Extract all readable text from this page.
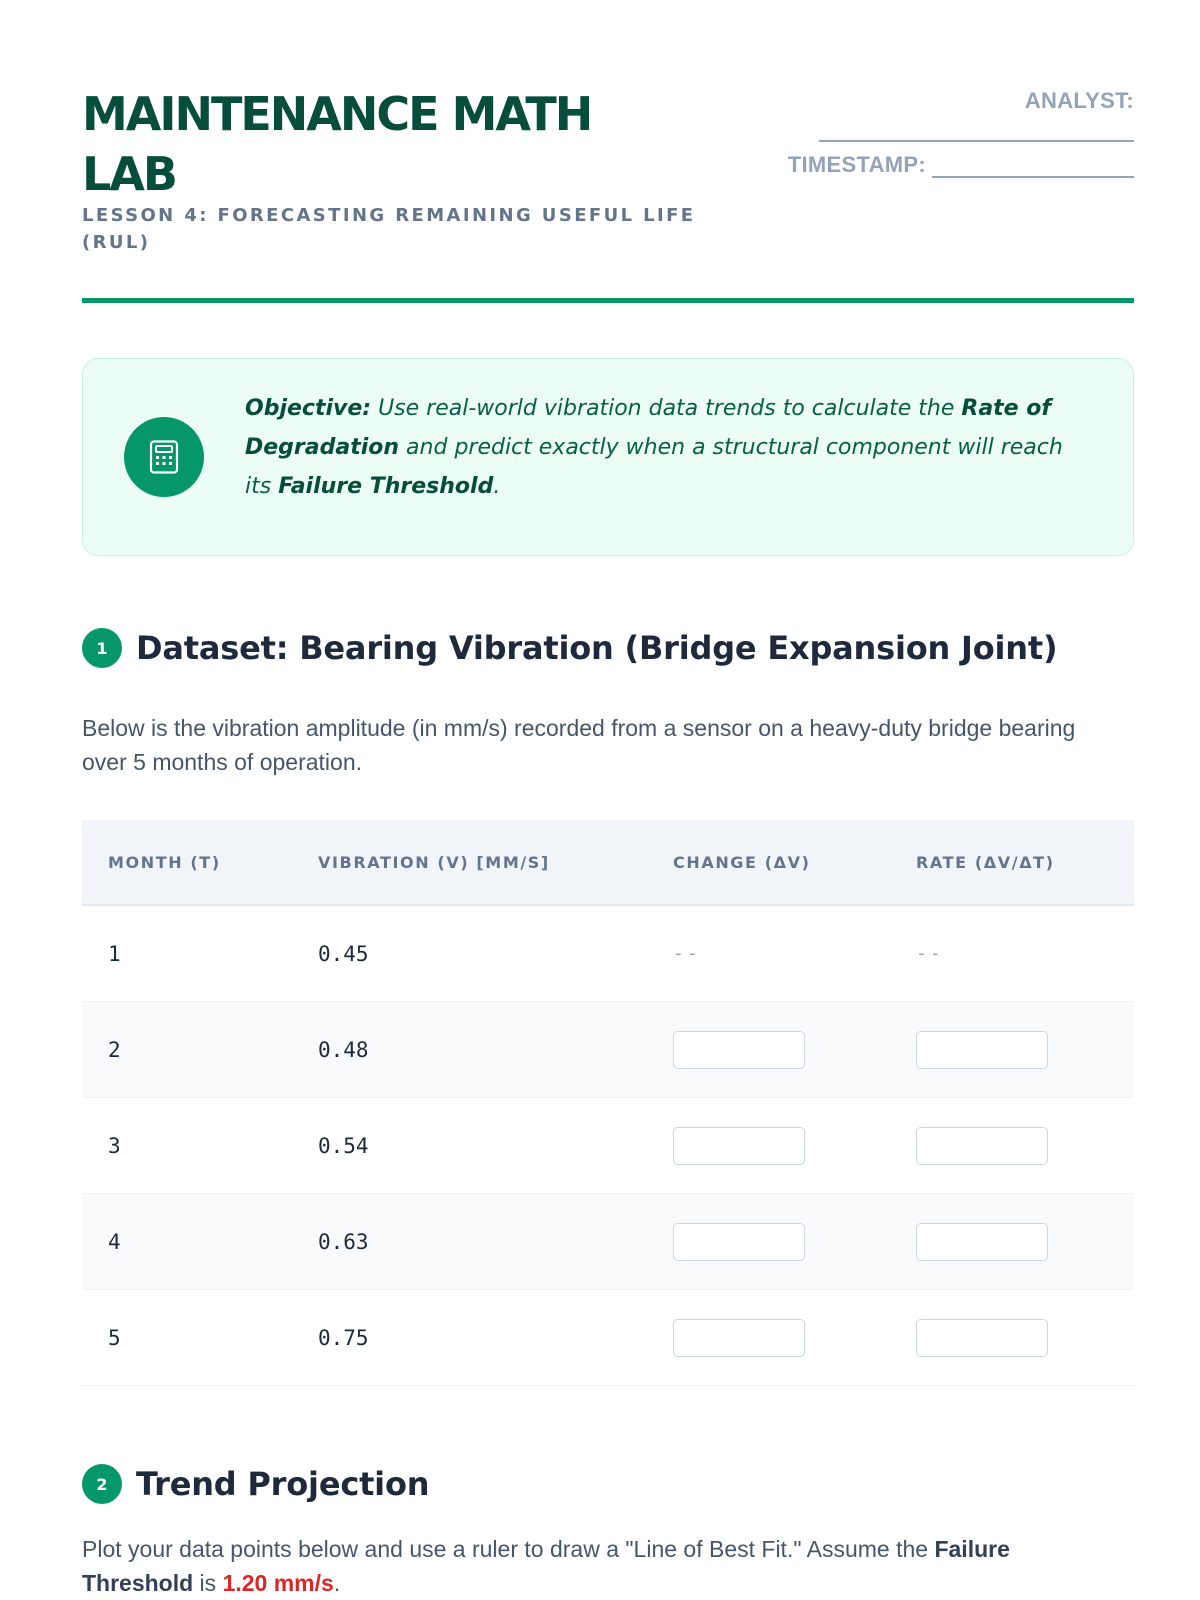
MAINTENANCE MATH LAB

LESSON 4: FORECASTING REMAINING USEFUL LIFE (RUL)

ANALYST:
TIMESTAMP:
Objective: Use real-world vibration data trends to calculate the Rate of Degradation and predict exactly when a structural component will reach its Failure Threshold.
1 Dataset: Bearing Vibration (Bridge Expansion Joint)
Below is the vibration amplitude (in mm/s) recorded from a sensor on a heavy-duty bridge bearing over 5 months of operation.
MONTH (T)	VIBRATION (V) [MM/S]	CHANGE (ΔV)	RATE (ΔV/ΔT)
1	0.45	--	--
2	0.48
3	0.54
4	0.63
5	0.75
2 Trend Projection
Plot your data points below and use a ruler to draw a "Line of Best Fit." Assume the Failure Threshold is 1.20 mm/s.
